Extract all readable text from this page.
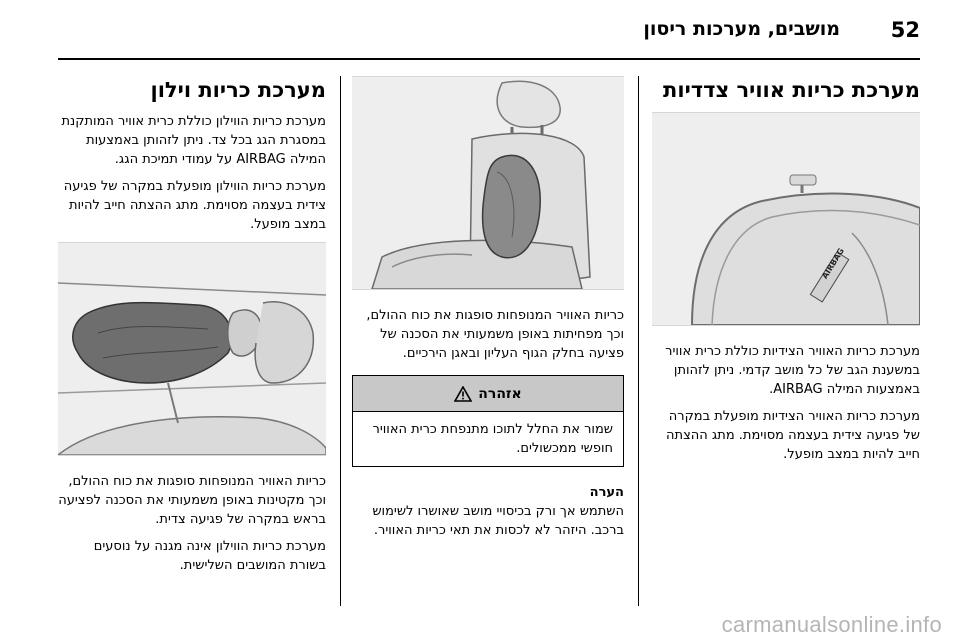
52
מושבים, מערכות ריסון
מערכת כריות אוויר צדדיות
AIRBAG
מערכת כריות האוויר הצידיות כוללת כרית אוויר במשענת הגב של כל מושב קדמי. ניתן לזהותן באמצעות המילה AIRBAG.
מערכת כריות האוויר הצידיות מופעלת במקרה של פגיעה צידית בעצמה מסוימת. מתג ההצתה חייב להיות במצב מופעל.
כריות האוויר המנופחות סופגות את כוח ההולם, וכך מפחיתות באופן משמעותי את הסכנה של פציעה בחלק הגוף העליון ובאגן הירכיים.
אזהרה
שמור את החלל לתוכו מתנפחת כרית האוויר חופשי ממכשולים.
הערה
השתמש אך ורק בכיסויי מושב שאושרו לשימוש ברכב. היזהר לא לכסות את תאי כריות האוויר.
מערכת כריות וילון
מערכת כריות הווילון כוללת כרית אוויר המותקנת במסגרת הגג בכל צד. ניתן לזהותן באמצעות המילה AIRBAG על עמודי תמיכת הגג.
מערכת כריות הווילון מופעלת במקרה של פגיעה צידית בעצמה מסוימת. מתג ההצתה חייב להיות במצב מופעל.
כריות האוויר המנופחות סופגות את כוח ההולם, וכך מקטינות באופן משמעותי את הסכנה לפציעה בראש במקרה של פגיעה צדית.
מערכת כריות הווילון אינה מגנה על נוסעים בשורת המושבים השלישית.
carmanualsonline.info
